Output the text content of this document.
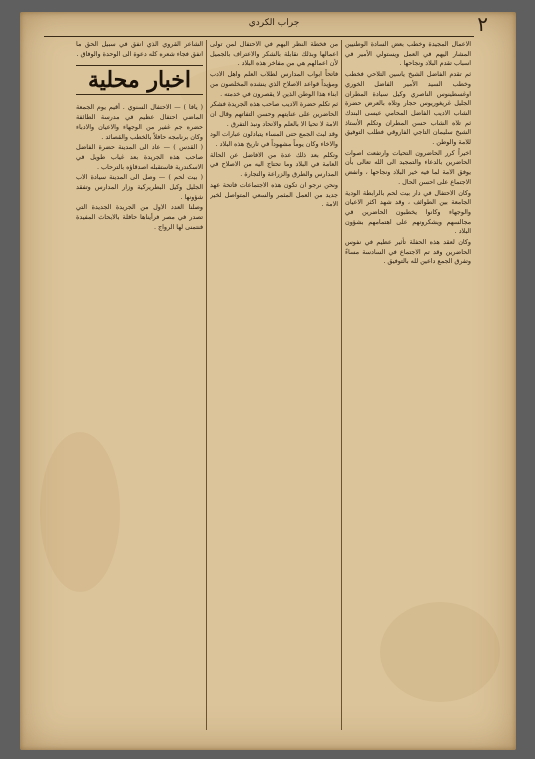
٢
جراب الكردي

الاعمال المجيدة وخطب بعض السادة الوطنيين المشار اليهم في العمل ويستولي الأمير في اسباب تقدم البلاد ونجاحها .

ثم تقدم الفاضل الشيخ ياسين التلاحي فخطب وخطب السيد الأمير الفاضل الخوري اوغسطينوس الناصري وكيل سيادة المطران الجليل غريغوريوس حجار وتلاه بالعرض حضرة الشاب الاديب الفاضل المحامي عيسى البندك ثم تلاه الشاب حسن المطران وتكلم الأستاذ الشيخ سليمان التاجي الفاروقي فطلب التوفيق للامة والوطن .

اخيراً كرر الحاضرون التحيات وارتفعت اصوات الحاضرين بالدعاء والتمجيد الى الله تعالى بأن يوفق الامة لما فيه خير البلاد ونجاحها ، وانفض الاجتماع على احسن الحال .

وكان الاحتفال في دار بيت لحم بالرابطة الودية الجامعة بين الطوائف ، وقد شهد اكثر الاعيان والوجهاء وكانوا يخطبون الحاضرين في مجالسهم ويشكرونهم على اهتمامهم بشؤون البلاد .

وكان لعقد هذه الحفلة تأثير عظيم في نفوس الحاضرين وقد تم الاجتماع في السادسة مساءً وتفرق الجمع داعين لله بالتوفيق .

من فخطة النظر اليهم في الاحتفال لمن تولى اعمالها وبذلك نقابلة بالشكر والاعتراف بالجميل لأن اعمالهم هي من مفاخر هذه البلاد .

فاتحاً ابواب المدارس لطلاب العلم واهل الادب ومؤيداً قواعد الاصلاح الذي ينشده المخلصون من ابناء هذا الوطن الذين لا يقصرون في خدمته .

ثم تكلم حضرة الاديب صاحب هذه الجريدة فشكر الحاضرين على عنايتهم وحسن التفاتهم وقال ان الامة لا تحيا الا بالعلم والاتحاد ونبذ التفرق .

وقد لبث الجمع حتى المساء يتبادلون عبارات الود والاخاء وكان يوماً مشهوداً في تاريخ هذه البلاد .

وتكلم بعد ذلك عدة من الافاضل عن الحالة العامة في البلاد وما تحتاج اليه من الاصلاح في المدارس والطرق والزراعة والتجارة .

ونحن نرجو ان تكون هذه الاجتماعات فاتحة عهد جديد من العمل المثمر والسعي المتواصل لخير الامة .

الشاعر القروي الذي انفق في سبيل الحق ما انفق فجاء شعره كله دعوة الى الوحدة والوفاق .

اخبار محلية

( يافا ) — الاحتفال السنوي . أقيم يوم الجمعة الماضي احتفال عظيم في مدرسة الطائفة حضره جم غفير من الوجهاء والاعيان والادباء وكان برنامجه حافلاً بالخطب والقصائد .

( القدس ) — عاد الى المدينة حضرة الفاضل صاحب هذه الجريدة بعد غياب طويل في الاسكندرية فاستقبله اصدقاؤه بالترحاب .

( بيت لحم ) — وصل الى المدينة سيادة الاب الجليل وكيل البطريركية وزار المدارس وتفقد شؤونها .

وصلنا العدد الاول من الجريدة الجديدة التي تصدر في مصر فرأيناها حافلة بالابحاث المفيدة فنتمنى لها الرواج .
